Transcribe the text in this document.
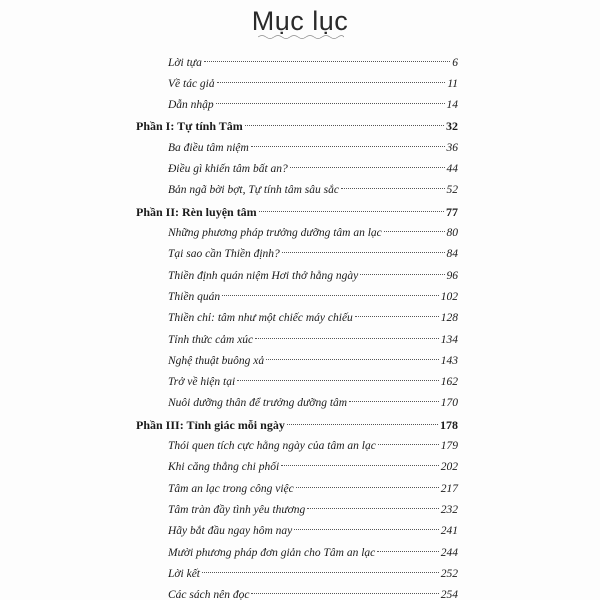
Mục lục
Lời tựa	6
Về tác giả	11
Dẫn nhập	14
Phần I: Tự tính Tâm	32
Ba điều tâm niệm	36
Điều gì khiến tâm bất an?	44
Bản ngã bời bợt, Tự tính tâm sâu sắc	52
Phần II: Rèn luyện tâm	77
Những phương pháp trưởng dưỡng tâm an lạc	80
Tại sao cần Thiền định?	84
Thiền định quán niệm Hơi thở hằng ngày	96
Thiền quán	102
Thiền chỉ: tâm như một chiếc máy chiếu	128
Tỉnh thức cảm xúc	134
Nghệ thuật buông xả	143
Trở về hiện tại	162
Nuôi dưỡng thân để trưởng dưỡng tâm	170
Phần III: Tỉnh giác mỗi ngày	178
Thói quen tích cực hằng ngày của tâm an lạc	179
Khi căng thẳng chi phối	202
Tâm an lạc trong công việc	217
Tâm tràn đầy tình yêu thương	232
Hãy bắt đầu ngay hôm nay	241
Mười phương pháp đơn giản cho Tâm an lạc	244
Lời kết	252
Các sách nên đọc	254
